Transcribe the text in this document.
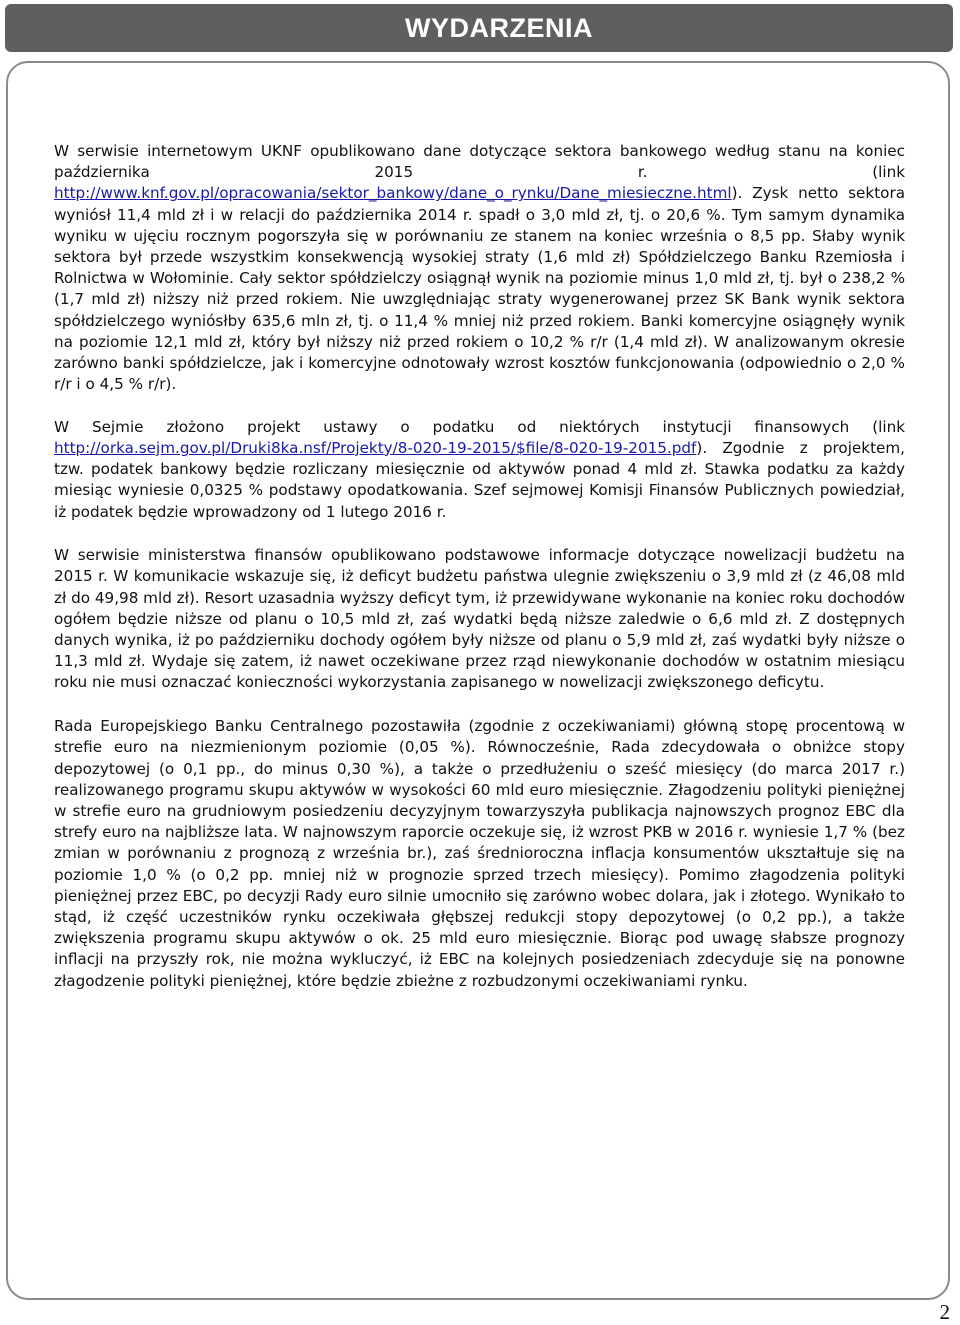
WYDARZENIA

W serwisie internetowym UKNF opublikowano dane dotyczące sektora bankowego według stanu na koniec października 2015 r. (link http://www.knf.gov.pl/opracowania/sektor_bankowy/dane_o_rynku/Dane_miesieczne.html). Zysk netto sektora wyniósł 11,4 mld zł i w relacji do października 2014 r. spadł o 3,0 mld zł, tj. o 20,6 %. Tym samym dynamika wyniku w ujęciu rocznym pogorszyła się w porównaniu ze stanem na koniec września o 8,5 pp. Słaby wynik sektora był przede wszystkim konsekwencją wysokiej straty (1,6 mld zł) Spółdzielczego Banku Rzemiosła i Rolnictwa w Wołominie. Cały sektor spółdzielczy osiągnął wynik na poziomie minus 1,0 mld zł, tj. był o 238,2 % (1,7 mld zł) niższy niż przed rokiem. Nie uwzględniając straty wygenerowanej przez SK Bank wynik sektora spółdzielczego wyniósłby 635,6 mln zł, tj. o 11,4 % mniej niż przed rokiem. Banki komercyjne osiągnęły wynik na poziomie 12,1 mld zł, który był niższy niż przed rokiem o 10,2 % r/r (1,4 mld zł). W analizowanym okresie zarówno banki spółdzielcze, jak i komercyjne odnotowały wzrost kosztów funkcjonowania (odpowiednio o 2,0 % r/r i o 4,5 % r/r).

W Sejmie złożono projekt ustawy o podatku od niektórych instytucji finansowych (link http://orka.sejm.gov.pl/Druki8ka.nsf/Projekty/8-020-19-2015/$file/8-020-19-2015.pdf). Zgodnie z projektem, tzw. podatek bankowy będzie rozliczany miesięcznie od aktywów ponad 4 mld zł. Stawka podatku za każdy miesiąc wyniesie 0,0325 % podstawy opodatkowania. Szef sejmowej Komisji Finansów Publicznych powiedział, iż podatek będzie wprowadzony od 1 lutego 2016 r.

W serwisie ministerstwa finansów opublikowano podstawowe informacje dotyczące nowelizacji budżetu na 2015 r. W komunikacie wskazuje się, iż deficyt budżetu państwa ulegnie zwiększeniu o 3,9 mld zł (z 46,08 mld zł do 49,98 mld zł). Resort uzasadnia wyższy deficyt tym, iż przewidywane wykonanie na koniec roku dochodów ogółem będzie niższe od planu o 10,5 mld zł, zaś wydatki będą niższe zaledwie o 6,6 mld zł. Z dostępnych danych wynika, iż po październiku dochody ogółem były niższe od planu o 5,9 mld zł, zaś wydatki były niższe o 11,3 mld zł. Wydaje się zatem, iż nawet oczekiwane przez rząd niewykonanie dochodów w ostatnim miesiącu roku nie musi oznaczać konieczności wykorzystania zapisanego w nowelizacji zwiększonego deficytu.

Rada Europejskiego Banku Centralnego pozostawiła (zgodnie z oczekiwaniami) główną stopę procentową w strefie euro na niezmienionym poziomie (0,05 %). Równocześnie, Rada zdecydowała o obniżce stopy depozytowej (o 0,1 pp., do minus 0,30 %), a także o przedłużeniu o sześć miesięcy (do marca 2017 r.) realizowanego programu skupu aktywów w wysokości 60 mld euro miesięcznie. Złagodzeniu polityki pieniężnej w strefie euro na grudniowym posiedzeniu decyzyjnym towarzyszyła publikacja najnowszych prognoz EBC dla strefy euro na najbliższe lata. W najnowszym raporcie oczekuje się, iż wzrost PKB w 2016 r. wyniesie 1,7 % (bez zmian w porównaniu z prognozą z września br.), zaś średnioroczna inflacja konsumentów ukształtuje się na poziomie 1,0 % (o 0,2 pp. mniej niż w prognozie sprzed trzech miesięcy). Pomimo złagodzenia polityki pieniężnej przez EBC, po decyzji Rady euro silnie umocniło się zarówno wobec dolara, jak i złotego. Wynikało to stąd, iż część uczestników rynku oczekiwała głębszej redukcji stopy depozytowej (o 0,2 pp.), a także zwiększenia programu skupu aktywów o ok. 25 mld euro miesięcznie. Biorąc pod uwagę słabsze prognozy inflacji na przyszły rok, nie można wykluczyć, iż EBC na kolejnych posiedzeniach zdecyduje się na ponowne złagodzenie polityki pieniężnej, które będzie zbieżne z rozbudzonymi oczekiwaniami rynku.

2
